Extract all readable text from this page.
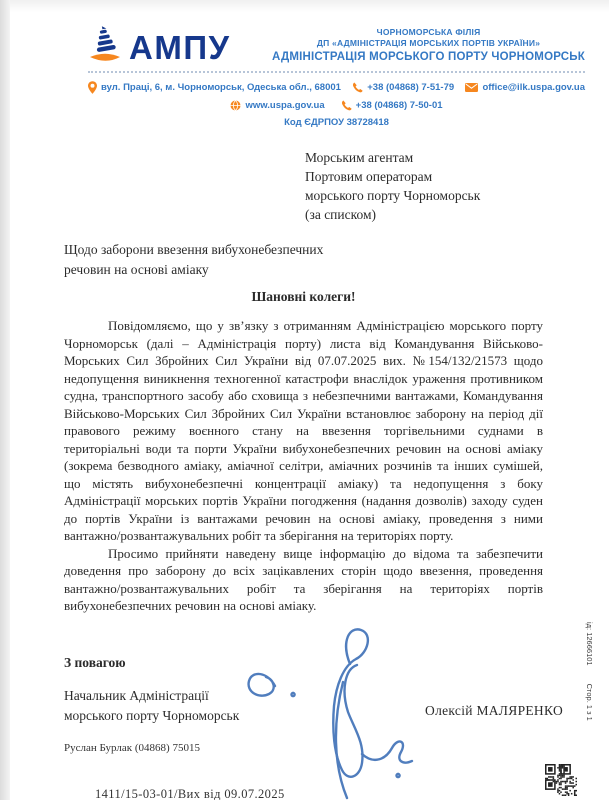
АМПУ	ЧОРНОМОРСЬКА ФІЛІЯ
ДП «АДМІНІСТРАЦІЯ МОРСЬКИХ ПОРТІВ УКРАЇНИ»
АДМІНІСТРАЦІЯ МОРСЬКОГО ПОРТУ ЧОРНОМОРСЬК
вул. Праці, 6, м. Чорноморськ, Одеська обл., 68001	+38 (04868) 7-51-79	office@ilk.uspa.gov.ua
www.uspa.gov.ua	+38 (04868) 7-50-01
Код ЄДРПОУ 38728418
Морським агентам
Портовим операторам
морського порту Чорноморськ
(за списком)
Щодо заборони ввезення вибухонебезпечних
речовин на основі аміаку
Шановні колеги!

Повідомляємо, що у зв’язку з отриманням Адміністрацією морського порту Чорноморськ (далі – Адміністрація порту) листа від Командування Військово-Морських Сил Збройних Сил України від 07.07.2025 вих. №154/132/21573 щодо недопущення виникнення техногенної катастрофи внаслідок ураження противником судна, транспортного засобу або сховища з небезпечними вантажами, Командування Військово-Морських Сил Збройних Сил України встановлює заборону на період дії правового режиму воєнного стану на ввезення торгівельними суднами в територіальні води та порти України вибухонебезпечних речовин на основі аміаку (зокрема безводного аміаку, аміачної селітри, аміачних розчинів та інших сумішей, що містять вибухонебезпечні концентрації аміаку) та недопущення з боку Адміністрації морських портів України погодження (надання дозволів) заходу суден до портів України із вантажами речовин на основі аміаку, проведення з ними вантажно/розвантажувальних робіт та зберігання на територіях порту.

Просимо прийняти наведену вище інформацію до відома та забезпечити доведення про заборону до всіх зацікавлених сторін щодо ввезення, проведення вантажно/розвантажувальних робіт та зберігання на територіях портів вибухонебезпечних речовин на основі аміаку.

З повагою
Начальник Адміністрації
морського порту Чорноморськ	Олексій МАЛЯРЕНКО
Руслан Бурлак (04868) 75015
1411/15-03-01/Вих від 09.07.2025
ід: 12666101
Стор. 1 з 1
